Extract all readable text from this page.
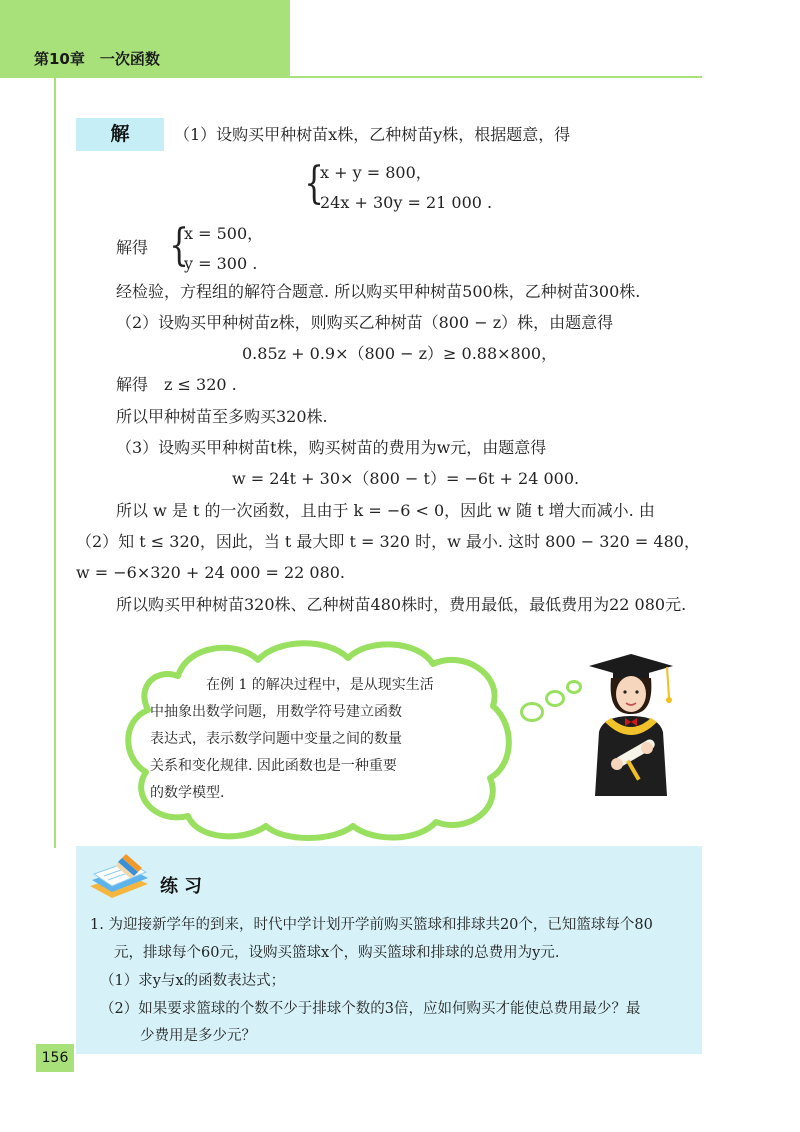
第10章　一次函数
解	（1）设购买甲种树苗x株，乙种树苗y株，根据题意，得
{
x + y = 800，
24x + 30y = 21 000 .
解得 {
x = 500，
y = 300 .
经检验，方程组的解符合题意. 所以购买甲种树苗500株，乙种树苗300株.
（2）设购买甲种树苗z株，则购买乙种树苗（800 − z）株，由题意得
0.85z + 0.9×（800 − z）≥ 0.88×800，
解得　z ≤ 320 .
所以甲种树苗至多购买320株.
（3）设购买甲种树苗t株，购买树苗的费用为w元，由题意得
w = 24t + 30×（800 − t）= −6t + 24 000.
所以 w 是 t 的一次函数，且由于 k = −6 < 0，因此 w 随 t 增大而减小. 由
（2）知 t ≤ 320，因此，当 t 最大即 t = 320 时，w 最小. 这时 800 − 320 = 480，
w = −6×320 + 24 000 = 22 080.
所以购买甲种树苗320株、乙种树苗480株时，费用最低，最低费用为22 080元.

在例 1 的解决过程中，是从现实生活

中抽象出数学问题，用数学符号建立函数

表达式，表示数学问题中变量之间的数量

关系和变化规律. 因此函数也是一种重要

的数学模型.

练习
1. 为迎接新学年的到来，时代中学计划开学前购买篮球和排球共20个，已知篮球每个80
元，排球每个60元，设购买篮球x个，购买篮球和排球的总费用为y元.
（1）求y与x的函数表达式；
（2）如果要求篮球的个数不少于排球个数的3倍，应如何购买才能使总费用最少？最
少费用是多少元？
156
